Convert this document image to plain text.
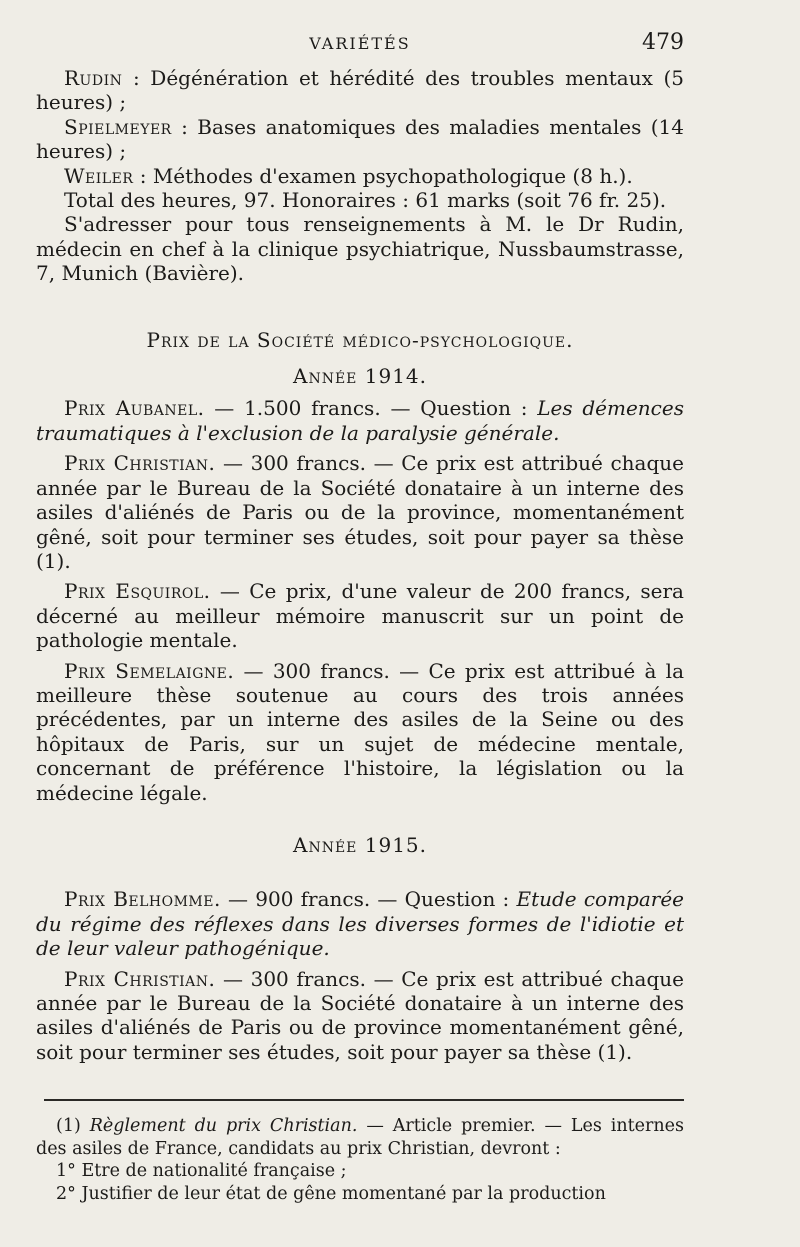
VARIÉTÉS	479

Rudin : Dégénération et hérédité des troubles mentaux (5 heures) ;

Spielmeyer : Bases anatomiques des maladies mentales (14 heures) ;

Weiler : Méthodes d'examen psychopathologique (8 h.).

Total des heures, 97. Honoraires : 61 marks (soit 76 fr. 25).

S'adresser pour tous renseignements à M. le Dr Rudin, médecin en chef à la clinique psychiatrique, Nussbaumstrasse, 7, Munich (Bavière).

Prix de la Société médico-psychologique.

Année 1914.

Prix Aubanel. — 1.500 francs. — Question : Les démences traumatiques à l'exclusion de la paralysie générale.

Prix Christian. — 300 francs. — Ce prix est attribué chaque année par le Bureau de la Société donataire à un interne des asiles d'aliénés de Paris ou de la province, momentanément gêné, soit pour terminer ses études, soit pour payer sa thèse (1).

Prix Esquirol. — Ce prix, d'une valeur de 200 francs, sera décerné au meilleur mémoire manuscrit sur un point de pathologie mentale.

Prix Semelaigne. — 300 francs. — Ce prix est attribué à la meilleure thèse soutenue au cours des trois années précédentes, par un interne des asiles de la Seine ou des hôpitaux de Paris, sur un sujet de médecine mentale, concernant de préférence l'histoire, la législation ou la médecine légale.

Année 1915.

Prix Belhomme. — 900 francs. — Question : Etude comparée du régime des réflexes dans les diverses formes de l'idiotie et de leur valeur pathogénique.

Prix Christian. — 300 francs. — Ce prix est attribué chaque année par le Bureau de la Société donataire à un interne des asiles d'aliénés de Paris ou de province momentanément gêné, soit pour terminer ses études, soit pour payer sa thèse (1).

(1) Règlement du prix Christian. — Article premier. — Les internes des asiles de France, candidats au prix Christian, devront :

1° Etre de nationalité française ;

2° Justifier de leur état de gêne momentané par la production
